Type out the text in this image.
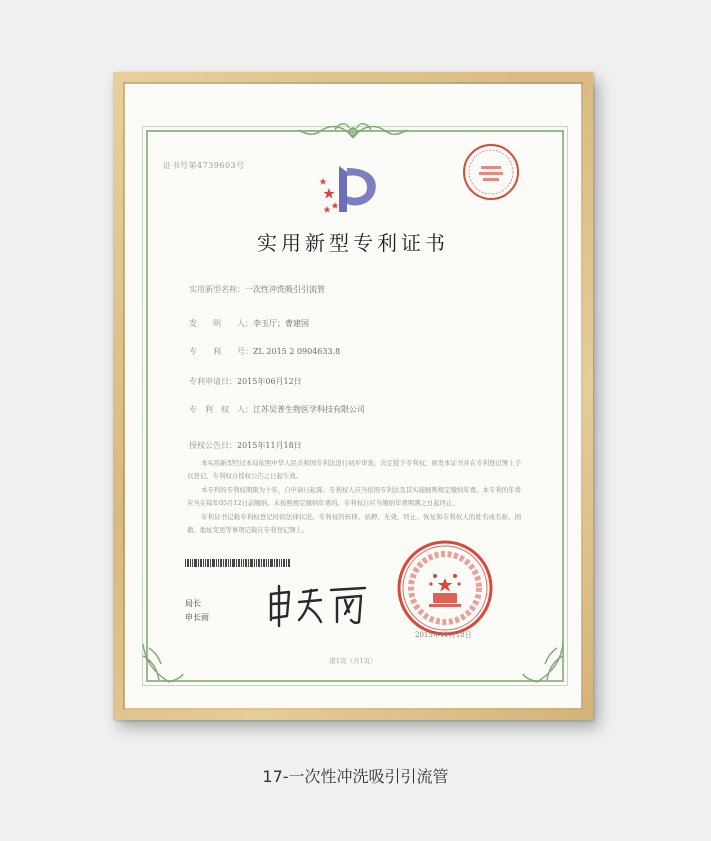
证书号第4739603号
实用新型专利证书
实用新型名称：一次性冲洗吸引引流管
发　　明　　人：李玉厅；曹建国
专　　利　　号：ZL 2015 2 0904633.8
专利申请日：2015年06月12日
专　利　权　人：江苏吴普生物医学科技有限公司
授权公告日：2015年11月18日

本实用新型经过本局依照中华人民共和国专利法进行初步审查，决定授予专利权，颁发本证书并在专利登记簿上予以登记。专利权自授权公告之日起生效。

本专利的专利权期限为十年，自申请日起算。专利权人应当依照专利法及其实施细则规定缴纳年费。本专利的年费应当在每年05月12日前缴纳。未按照规定缴纳年费的，专利权自应当缴纳年费期满之日起终止。

专利证书记载专利权登记时的法律状况。专利权的转移、质押、无效、终止、恢复和专利权人的姓名或名称、国籍、地址变更等事项记载在专利登记簿上。

局长
申长雨
2015年11月18日
第1页（共1页）
17-一次性冲洗吸引引流管
